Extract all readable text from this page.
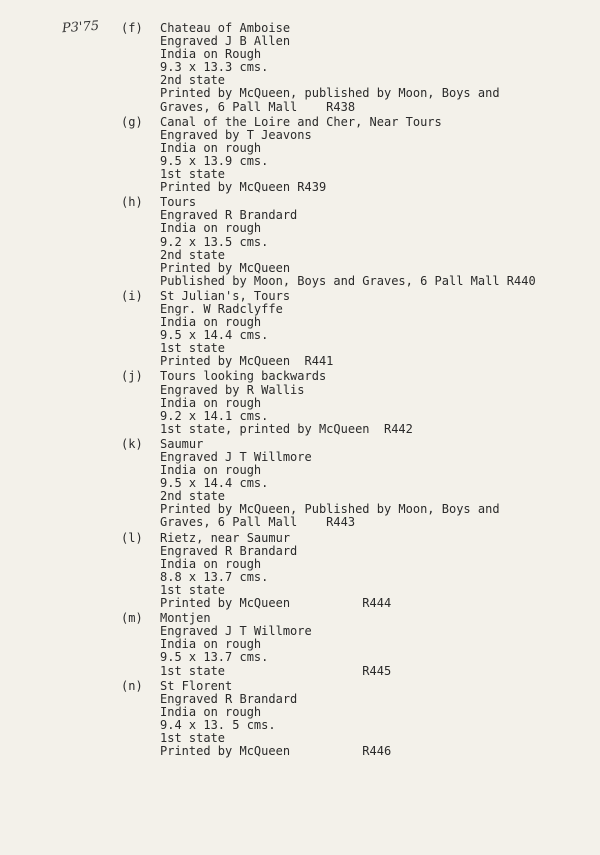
P3'75 (f) Chateau of Amboise
Engraved J B Allen
India on Rough
9.3 x 13.3 cms.
2nd state
Printed by McQueen, published by Moon, Boys and
Graves, 6 Pall Mall    R438
(g) Canal of the Loire and Cher, Near Tours
Engraved by T Jeavons
India on rough
9.5 x 13.9 cms.
1st state
Printed by McQueen R439
(h) Tours
Engraved R Brandard
India on rough
9.2 x 13.5 cms.
2nd state
Printed by McQueen
Published by Moon, Boys and Graves, 6 Pall Mall R440
(i) St Julian's, Tours
Engr. W Radclyffe
India on rough
9.5 x 14.4 cms.
1st state
Printed by McQueen  R441
(j) Tours looking backwards
Engraved by R Wallis
India on rough
9.2 x 14.1 cms.
1st state, printed by McQueen  R442
(k) Saumur
Engraved J T Willmore
India on rough
9.5 x 14.4 cms.
2nd state
Printed by McQueen, Published by Moon, Boys and
Graves, 6 Pall Mall    R443
(l) Rietz, near Saumur
Engraved R Brandard
India on rough
8.8 x 13.7 cms.
1st state
Printed by McQueen          R444
(m) Montjen
Engraved J T Willmore
India on rough
9.5 x 13.7 cms.
1st state                   R445
(n) St Florent
Engraved R Brandard
India on rough
9.4 x 13. 5 cms.
1st state
Printed by McQueen          R446
